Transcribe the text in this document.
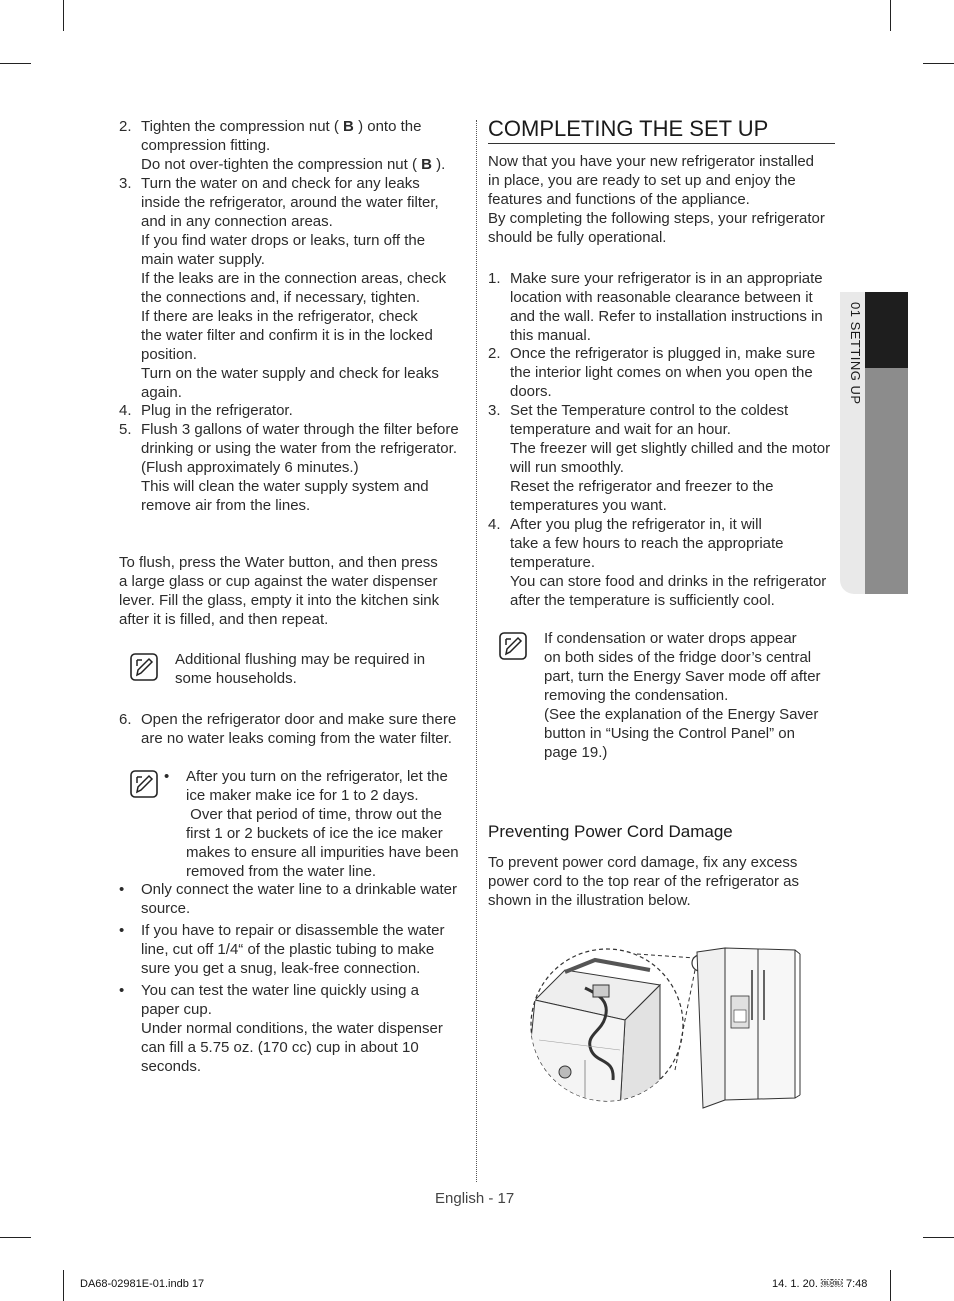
2. Tighten the compression nut ( B ) onto the
compression fitting.
Do not over-tighten the compression nut ( B ).
3. Turn the water on and check for any leaks
inside the refrigerator, around the water filter,
and in any connection areas.
If you find water drops or leaks, turn off the
main water supply.
If the leaks are in the connection areas, check
the connections and, if necessary, tighten.
If there are leaks in the refrigerator, check
the water filter and confirm it is in the locked
position.
Turn on the water supply and check for leaks
again.
4. Plug in the refrigerator.
5. Flush 3 gallons of water through the filter before
drinking or using the water from the refrigerator.
(Flush approximately 6 minutes.)
This will clean the water supply system and
remove air from the lines.
To flush, press the Water button, and then press
a large glass or cup against the water dispenser
lever. Fill the glass, empty it into the kitchen sink
after it is filled, and then repeat.
Additional flushing may be required in
some households.
6. Open the refrigerator door and make sure there
are no water leaks coming from the water filter.
• After you turn on the refrigerator, let the
ice maker make ice for 1 to 2 days.
Over that period of time, throw out the
first 1 or 2 buckets of ice the ice maker
makes to ensure all impurities have been
removed from the water line.
• Only connect the water line to a drinkable water
source.
• If you have to repair or disassemble the water
line, cut off 1/4“ of the plastic tubing to make
sure you get a snug, leak-free connection.
• You can test the water line quickly using a
paper cup.
Under normal conditions, the water dispenser
can fill a 5.75 oz. (170 cc) cup in about 10
seconds.
COMPLETING THE SET UP
Now that you have your new refrigerator installed
in place, you are ready to set up and enjoy the
features and functions of the appliance.
By completing the following steps, your refrigerator
should be fully operational.
1. Make sure your refrigerator is in an appropriate
location with reasonable clearance between it
and the wall. Refer to installation instructions in
this manual.
2. Once the refrigerator is plugged in, make sure
the interior light comes on when you open the
doors.
3. Set the Temperature control to the coldest
temperature and wait for an hour.
The freezer will get slightly chilled and the motor
will run smoothly.
Reset the refrigerator and freezer to the
temperatures you want.
4. After you plug the refrigerator in, it will
take a few hours to reach the appropriate
temperature.
You can store food and drinks in the refrigerator
after the temperature is sufficiently cool.
If condensation or water drops appear
on both sides of the fridge door’s central
part, turn the Energy Saver mode off after
removing the condensation.
(See the explanation of the Energy Saver
button in “Using the Control Panel” on
page 19.)
Preventing Power Cord Damage
To prevent power cord damage, fix any excess
power cord to the top rear of the refrigerator as
shown in the illustration below.
01 SETTING UP
English - 17
DA68-02981E-01.indb 17	14. 1. 20. ￼￼ 7:48
